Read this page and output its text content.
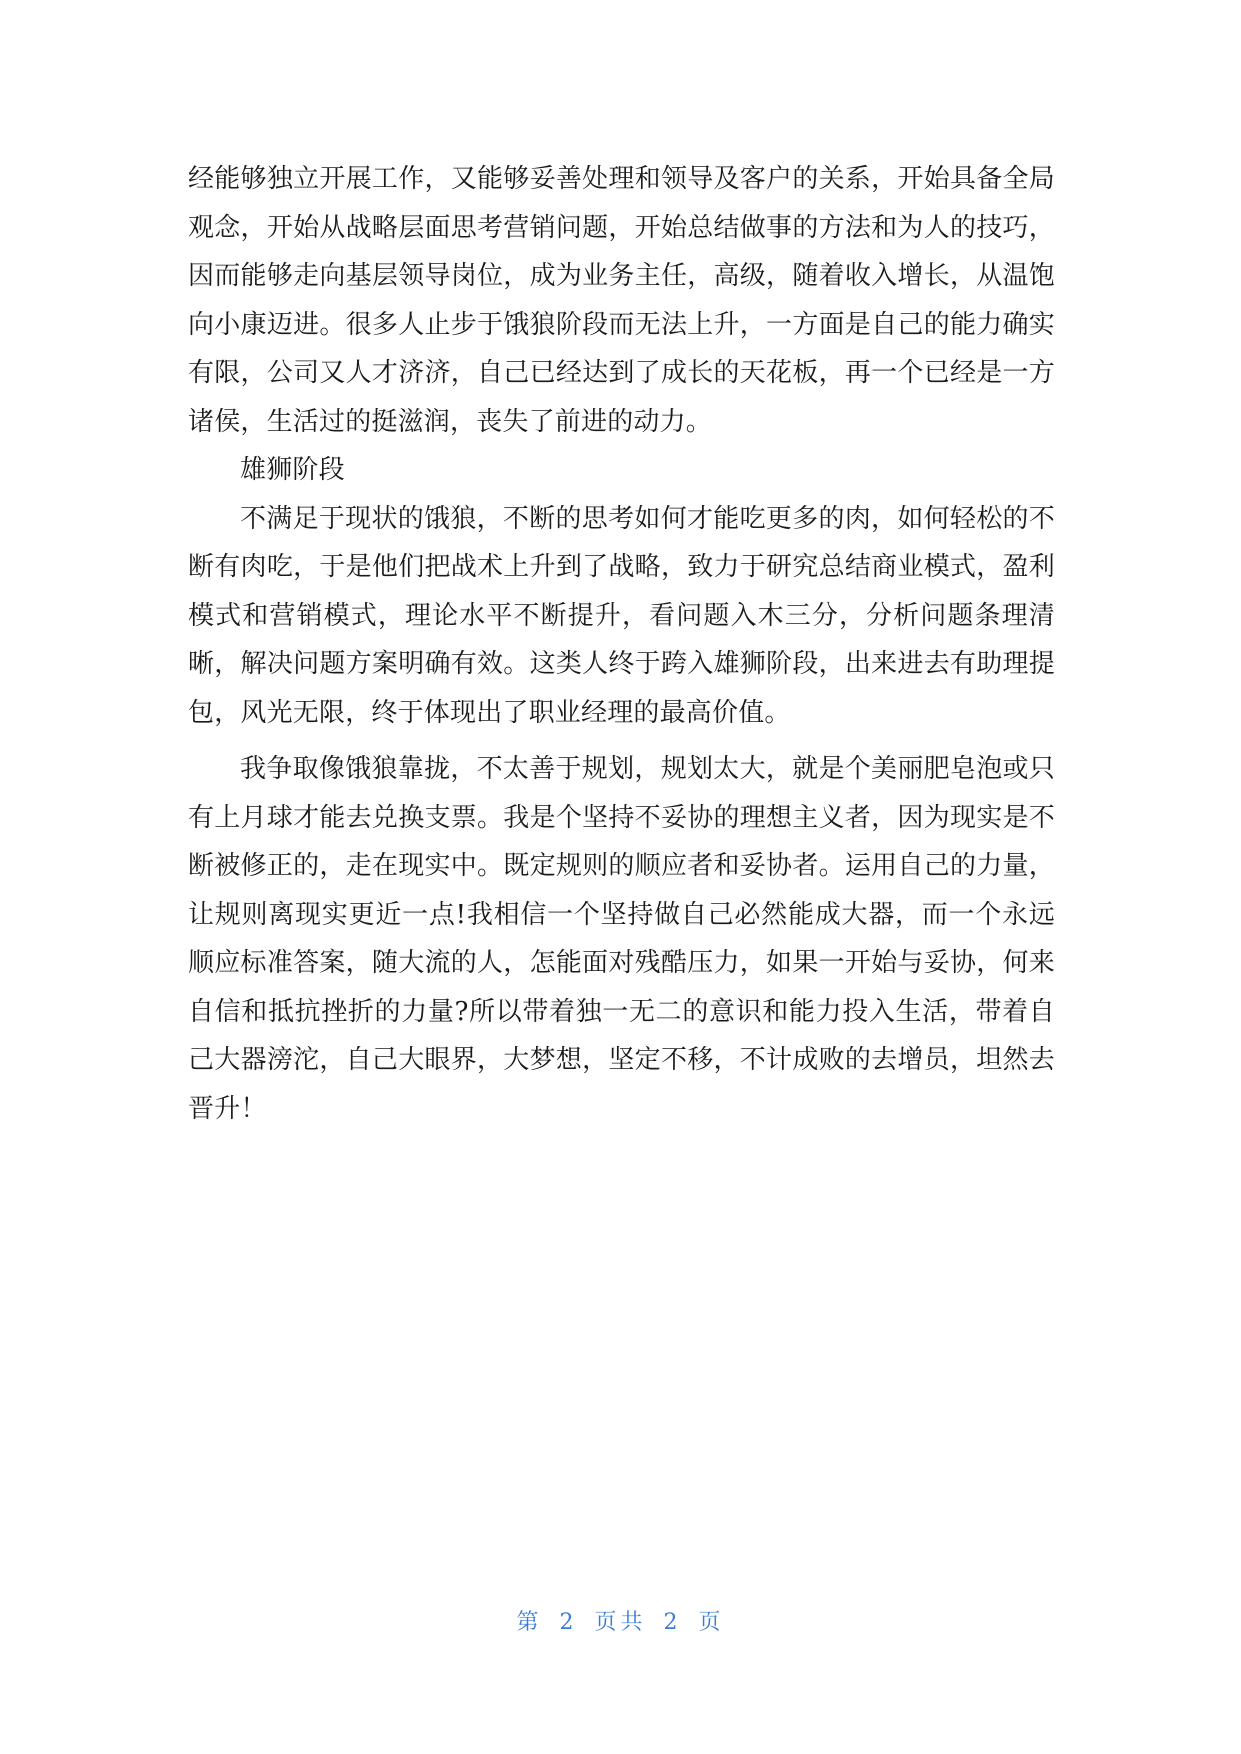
经能够独立开展工作，又能够妥善处理和领导及客户的关系，开始具备全局观念，开始从战略层面思考营销问题，开始总结做事的方法和为人的技巧，因而能够走向基层领导岗位，成为业务主任，高级，随着收入增长，从温饱向小康迈进。很多人止步于饿狼阶段而无法上升，一方面是自己的能力确实有限，公司又人才济济，自己已经达到了成长的天花板，再一个已经是一方诸侯，生活过的挺滋润，丧失了前进的动力。

雄狮阶段

不满足于现状的饿狼，不断的思考如何才能吃更多的肉，如何轻松的不断有肉吃，于是他们把战术上升到了战略，致力于研究总结商业模式，盈利模式和营销模式，理论水平不断提升，看问题入木三分，分析问题条理清晰，解决问题方案明确有效。这类人终于跨入雄狮阶段，出来进去有助理提包，风光无限，终于体现出了职业经理的最高价值。

我争取像饿狼靠拢，不太善于规划，规划太大，就是个美丽肥皂泡或只有上月球才能去兑换支票。我是个坚持不妥协的理想主义者，因为现实是不断被修正的，走在现实中。既定规则的顺应者和妥协者。运用自己的力量，让规则离现实更近一点!我相信一个坚持做自己必然能成大器，而一个永远顺应标准答案，随大流的人，怎能面对残酷压力，如果一开始与妥协，何来自信和抵抗挫折的力量?所以带着独一无二的意识和能力投入生活，带着自己大器滂沱，自己大眼界，大梦想，坚定不移，不计成败的去增员，坦然去晋升！

第 2 页共 2 页
